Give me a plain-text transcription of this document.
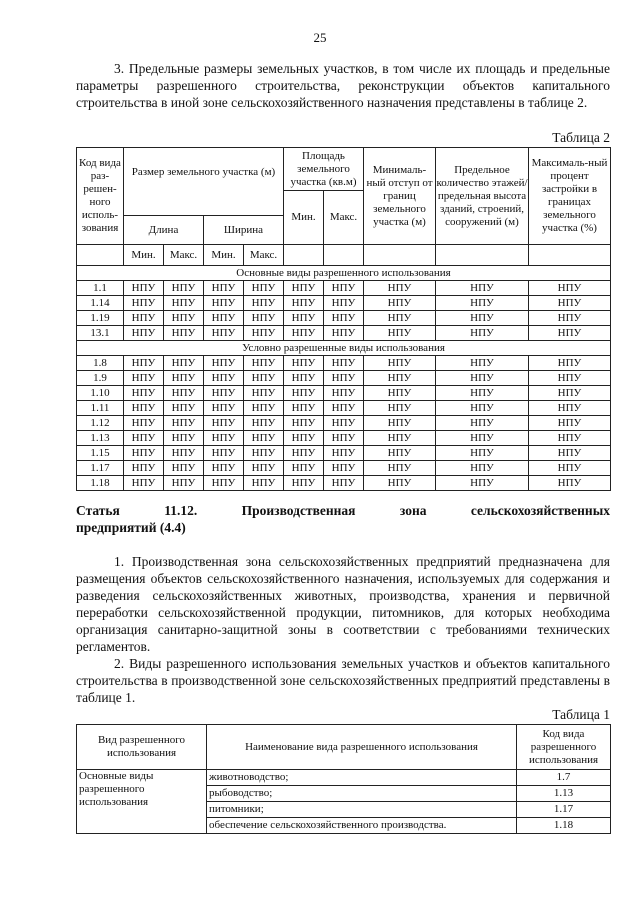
25

3. Предельные размеры земельных участков, в том числе их площадь и предельные параметры разрешенного строительства, реконструкции объектов капитального строительства в иной зоне сельскохозяйственного назначения представлены в таблице 2.

Таблица 2
Код вида раз-решен-ного исполь-зования	Размер земельного участка (м)				Площадь земельного участка (кв.м)		Минималь-ный отступ от границ земельного участка (м)	Предельное количество этажей/ предельная высота зданий, строений, сооружений (м)	Максималь-ный процент застройки в границах земельного участка (%)
					Мин.	Макс.			
	Длина		Ширина						
	Мин.	Макс.	Мин.	Макс.					
Основные виды разрешенного использования									
1.1	НПУ	НПУ	НПУ	НПУ	НПУ	НПУ	НПУ	НПУ	НПУ
1.14	НПУ	НПУ	НПУ	НПУ	НПУ	НПУ	НПУ	НПУ	НПУ
1.19	НПУ	НПУ	НПУ	НПУ	НПУ	НПУ	НПУ	НПУ	НПУ
13.1	НПУ	НПУ	НПУ	НПУ	НПУ	НПУ	НПУ	НПУ	НПУ
Условно разрешенные виды использования									
1.8	НПУ	НПУ	НПУ	НПУ	НПУ	НПУ	НПУ	НПУ	НПУ
1.9	НПУ	НПУ	НПУ	НПУ	НПУ	НПУ	НПУ	НПУ	НПУ
1.10	НПУ	НПУ	НПУ	НПУ	НПУ	НПУ	НПУ	НПУ	НПУ
1.11	НПУ	НПУ	НПУ	НПУ	НПУ	НПУ	НПУ	НПУ	НПУ
1.12	НПУ	НПУ	НПУ	НПУ	НПУ	НПУ	НПУ	НПУ	НПУ
1.13	НПУ	НПУ	НПУ	НПУ	НПУ	НПУ	НПУ	НПУ	НПУ
1.15	НПУ	НПУ	НПУ	НПУ	НПУ	НПУ	НПУ	НПУ	НПУ
1.17	НПУ	НПУ	НПУ	НПУ	НПУ	НПУ	НПУ	НПУ	НПУ
1.18	НПУ	НПУ	НПУ	НПУ	НПУ	НПУ	НПУ	НПУ	НПУ

Статья 11.12. Производственная зона сельскохозяйственных

предприятий (4.4)

1. Производственная зона сельскохозяйственных предприятий предназначена для размещения объектов сельскохозяйственного назначения, используемых для содержания и разведения сельскохозяйственных животных, производства, хранения и первичной переработки сельскохозяйственной продукции, питомников, для которых необходима организация санитарно-защитной зоны в соответствии с требованиями технических регламентов.

2. Виды разрешенного использования земельных участков и объектов капитального строительства в производственной зоне сельскохозяйственных предприятий представлены в таблице 1.

Таблица 1
Вид разрешенного использования	Наименование вида разрешенного использования	Код вида разрешенного использования
Основные виды разрешенного использования	животноводство;	1.7
	рыбоводство;	1.13
	питомники;	1.17
	обеспечение сельскохозяйственного производства.	1.18
